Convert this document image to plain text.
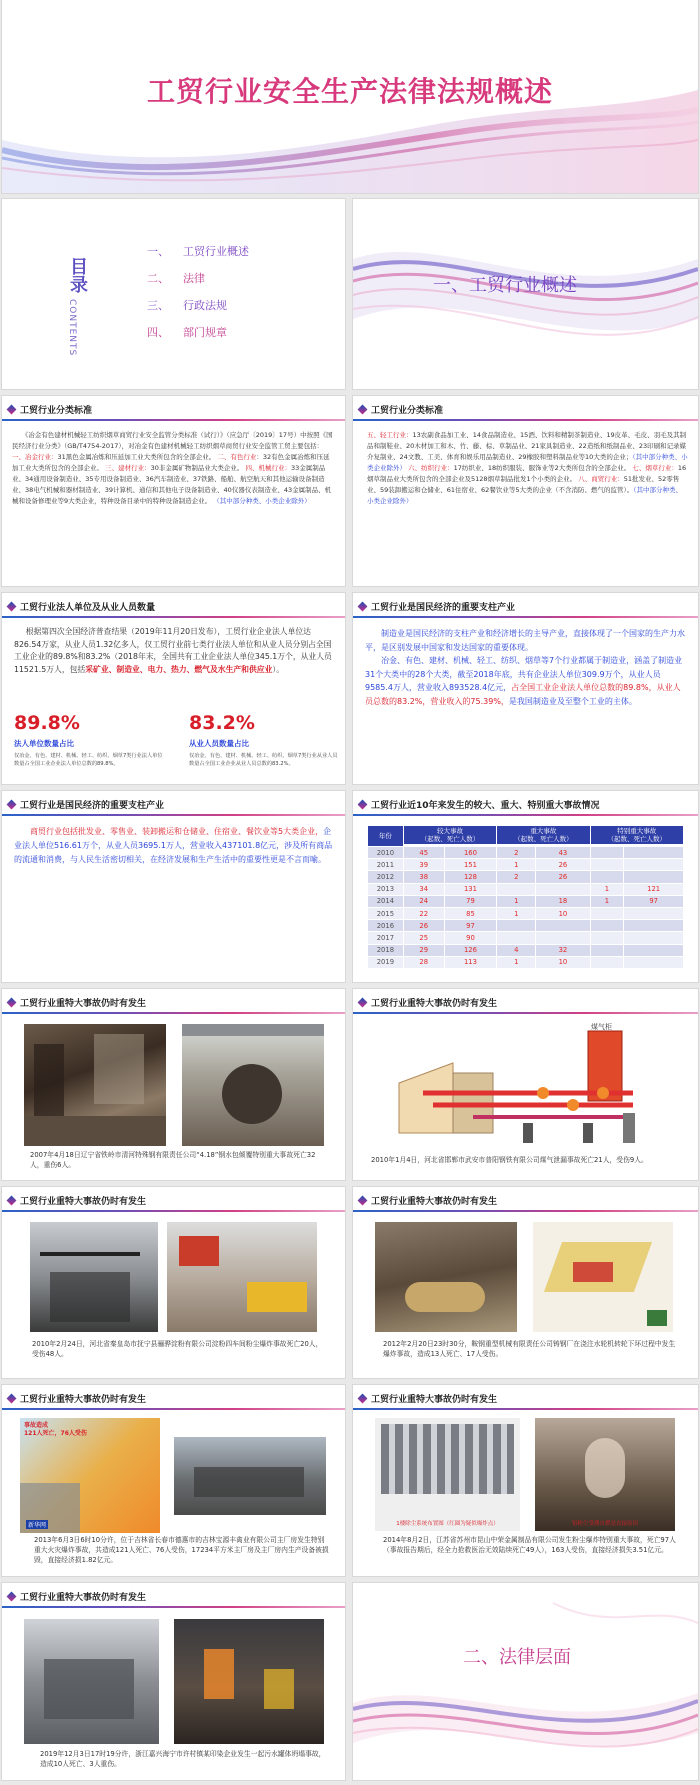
工贸行业安全生产法律法规概述
目录
CONTENTS
一、	工贸行业概述
二、	法律
三、	行政法规
四、	部门规章
一、工贸行业概述
工贸行业分类标准
《冶金有色建材机械轻工纺织烟草商贸行业安全监管分类标准（试行）》（应急厅〔2019〕17号）中按照《国民经济行业分类》（GB/T4754-2017），对冶金有色建材机械轻工纺织烟草商贸行业安全监管工贸主要包括： 一、冶金行业：31黑色金属冶炼和压延加工业大类所包含的全部企业。 二、有色行业：32有色金属冶炼和压延加工业大类所包含的全部企业。 三、建材行业：30非金属矿物制品业大类企业。 四、机械行业：33金属制品业、34通用设备制造业、35专用设备制造业、36汽车制造业、37铁路、船舶、航空航天和其他运输设备制造业、38电气机械和器材制造业、39计算机、通信和其他电子设备制造业、40仪器仪表制造业、43金属制品、机械和设备修理业等9大类企业，特种设备目录中的特种设备制造企业。 （其中部分种类、小类企业除外）
工贸行业分类标准
五、轻工行业：13农副食品加工业、14食品制造业、15酒、饮料和精制茶制造业、19皮革、毛皮、羽毛及其制品和制鞋业、20木材加工和木、竹、藤、棕、草制品业、21家具制造业、22造纸和纸制品业、23印刷和记录媒介复制业、24文教、工美、体育和娱乐用品制造业、29橡胶和塑料制品业等10大类的企业；（其中部分种类、小类企业除外） 六、纺织行业：17纺织业、18纺织服装、服饰业等2大类所包含的全部企业。 七、烟草行业：16烟草制品业大类所包含的全部企业及5128烟草制品批发1个小类的企业。 八、商贸行业：51批发业、52零售业、59装卸搬运和仓储业、61住宿业、62餐饮业等5大类的企业（不含消防、燃气的监管）。（其中部分种类、小类企业除外）
工贸行业法人单位及从业人员数量
根据第四次全国经济普查结果（2019年11月20日发布），工贸行业企业法人单位达826.54万家，从业人员1.32亿多人，仅工贸行业前七类行业法人单位和从业人员分别占全国工业企业的89.8%和83.2%（2018年末，全国共有工业企业法人单位345.1万个，从业人员11521.5万人，包括采矿业、制造业、电力、热力、燃气及水生产和供应业）。
89.8%
法人单位数量占比
仅冶金、有色、建材、机械、轻工、纺织、烟草7类行业法人单位数量占全国工业企业法人单位总数的89.8%。
83.2%
从业人员数量占比
仅冶金、有色、建材、机械、轻工、纺织、烟草7类行业从业人员数量占全国工业企业从业人员总数的83.2%。
工贸行业是国民经济的重要支柱产业
制造业是国民经济的支柱产业和经济增长的主导产业，直接体现了一个国家的生产力水平，是区别发展中国家和发达国家的重要体现。
冶金、有色、建材、机械、轻工、纺织、烟草等7个行业都属于制造业，涵盖了制造业31个大类中的28个大类，截至2018年底，共有企业法人单位309.9万个，从业人员9585.4万人，营业收入893528.4亿元，占全国工业企业法人单位总数的89.8%，从业人员总数的83.2%，营业收入的75.39%，是我国制造业及至整个工业的主体。
工贸行业是国民经济的重要支柱产业
商贸行业包括批发业、零售业、装卸搬运和仓储业、住宿业、餐饮业等5大类企业，企业法人单位516.61万个，从业人员3695.1万人，营业收入437101.8亿元，涉及所有商品的流通和消费，与人民生活密切相关，在经济发展和生产生活中的重要性更是不言而喻。
工贸行业近10年来发生的较大、重大、特别重大事故情况
年份	较大事故
（起数、死亡人数）		重大事故
（起数、死亡人数）		特别重大事故
（起数、死亡人数）	

2010	45	160	2	43		
2011	39	151	1	26		
2012	38	128	2	26		
2013	34	131			1	121
2014	24	79	1	18	1	97
2015	22	85	1	10		
2016	26	97				
2017	25	90				
2018	29	126	4	32		
2019	28	113	1	10		
工贸行业重特大事故仍时有发生
2007年4月18日辽宁省铁岭市清河特殊钢有限责任公司“4.18”钢水包倾覆特别重大事故死亡32人，重伤6人。
工贸行业重特大事故仍时有发生
煤气柜
2010年1月4日，河北省邯郸市武安市普阳钢铁有限公司煤气泄漏事故死亡21人，受伤9人。
工贸行业重特大事故仍时有发生
2010年2月24日，河北省秦皇岛市抚宁县骊骅淀粉有限公司淀粉四车间粉尘爆炸事故死亡20人，受伤48人。
工贸行业重特大事故仍时有发生
2012年2月20日23时30分，鞍钢重型机械有限责任公司铸钢厂在浇注水轮机转轮下环过程中发生爆炸事故，造成13人死亡、17人受伤。
工贸行业重特大事故仍时有发生
事故造成
121人死亡，76人受伤
新华网
2013年6月3日6时10分许，位于吉林省长春市德惠市的吉林宝源丰禽业有限公司主厂房发生特别重大火灾爆炸事故，共造成121人死亡、76人受伤，17234平方米主厂房及主厂房内生产设备被损毁，直接经济损1.82亿元。
工贸行业重特大事故仍时有发生
1楼除尘系统布置图（红圈为疑似爆炸点）	铝粉尘受潮自燃是直接原因
2014年8月2日，江苏省苏州市昆山中荣金属制品有限公司发生粉尘爆炸特别重大事故，死亡97人（事故报告期后，经全力抢救医治无效陆续死亡49人），163人受伤，直接经济损失3.51亿元。
工贸行业重特大事故仍时有发生
2019年12月3日17时19分许，浙江嘉兴海宁市许村镇某印染企业发生一起污水罐体坍塌事故，造成10人死亡、3人重伤。
二、法律层面
